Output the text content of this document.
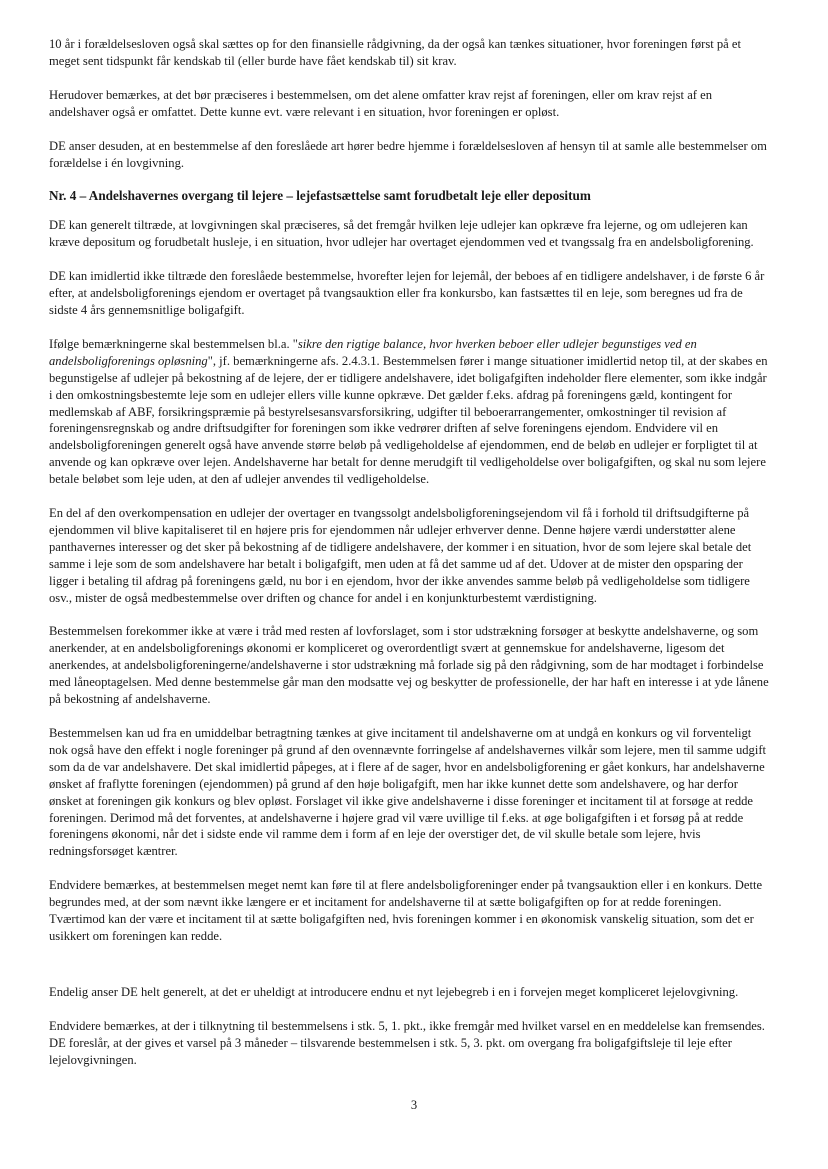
10 år i forældelsesloven også skal sættes op for den finansielle rådgivning, da der også kan tænkes situationer, hvor foreningen først på et meget sent tidspunkt får kendskab til (eller burde have fået kendskab til) sit krav.

Herudover bemærkes, at det bør præciseres i bestemmelsen, om det alene omfatter krav rejst af foreningen, eller om krav rejst af en andelshaver også er omfattet. Dette kunne evt. være relevant i en situation, hvor foreningen er opløst.

DE anser desuden, at en bestemmelse af den foreslåede art hører bedre hjemme i forældelsesloven af hensyn til at samle alle bestemmelser om forældelse i én lovgivning.

Nr. 4 – Andelshavernes overgang til lejere – lejefastsættelse samt forudbetalt leje eller depositum

DE kan generelt tiltræde, at lovgivningen skal præciseres, så det fremgår hvilken leje udlejer kan opkræve fra lejerne, og om udlejeren kan kræve depositum og forudbetalt husleje, i en situation, hvor udlejer har overtaget ejendommen ved et tvangssalg fra en andelsboligforening.

DE kan imidlertid ikke tiltræde den foreslåede bestemmelse, hvorefter lejen for lejemål, der beboes af en tidligere andelshaver, i de første 6 år efter, at andelsboligforenings ejendom er overtaget på tvangsauktion eller fra konkursbo, kan fastsættes til en leje, som beregnes ud fra de sidste 4 års gennemsnitlige boligafgift.

Ifølge bemærkningerne skal bestemmelsen bl.a. "sikre den rigtige balance, hvor hverken beboer eller udlejer begunstiges ved en andelsboligforenings opløsning", jf. bemærkningerne afs. 2.4.3.1. Bestemmelsen fører i mange situationer imidlertid netop til, at der skabes en begunstigelse af udlejer på bekostning af de lejere, der er tidligere andelshavere, idet boligafgiften indeholder flere elementer, som ikke indgår i den omkostningsbestemte leje som en udlejer ellers ville kunne opkræve. Det gælder f.eks. afdrag på foreningens gæld, kontingent for medlemskab af ABF, forsikringspræmie på bestyrelsesansvarsforsikring, udgifter til beboerarrangementer, omkostninger til revision af foreningensregnskab og andre driftsudgifter for foreningen som ikke vedrører driften af selve foreningens ejendom. Endvidere vil en andelsboligforeningen generelt også have anvende større beløb på vedligeholdelse af ejendommen, end de beløb en udlejer er forpligtet til at anvende og kan opkræve over lejen. Andelshaverne har betalt for denne merudgift til vedligeholdelse over boligafgiften, og skal nu som lejere betale beløbet som leje uden, at den af udlejer anvendes til vedligeholdelse.

En del af den overkompensation en udlejer der overtager en tvangssolgt andelsboligforeningsejendom vil få i forhold til driftsudgifterne på ejendommen vil blive kapitaliseret til en højere pris for ejendommen når udlejer erhverver denne. Denne højere værdi understøtter alene panthavernes interesser og det sker på bekostning af de tidligere andelshavere, der kommer i en situation, hvor de som lejere skal betale det samme i leje som de som andelshavere har betalt i boligafgift, men uden at få det samme ud af det. Udover at de mister den opsparing der ligger i betaling til afdrag på foreningens gæld, nu bor i en ejendom, hvor der ikke anvendes samme beløb på vedligeholdelse som tidligere osv., mister de også medbestemmelse over driften og chance for andel i en konjunkturbestemt værdistigning.

Bestemmelsen forekommer ikke at være i tråd med resten af lovforslaget, som i stor udstrækning forsøger at beskytte andelshaverne, og som anerkender, at en andelsboligforenings økonomi er kompliceret og overordentligt svært at gennemskue for andelshaverne, ligesom det anerkendes, at andelsboligforeningerne/andelshaverne i stor udstrækning må forlade sig på den rådgivning, som de har modtaget i forbindelse med låneoptagelsen. Med denne bestemmelse går man den modsatte vej og beskytter de professionelle, der har haft en interesse i at yde lånene på bekostning af andelshaverne.

Bestemmelsen kan ud fra en umiddelbar betragtning tænkes at give incitament til andelshaverne om at undgå en konkurs og vil forventeligt nok også have den effekt i nogle foreninger på grund af den ovennævnte forringelse af andelshavernes vilkår som lejere, men til samme udgift som da de var andelshavere. Det skal imidlertid påpeges, at i flere af de sager, hvor en andelsboligforening er gået konkurs, har andelshaverne ønsket af fraflytte foreningen (ejendommen) på grund af den høje boligafgift, men har ikke kunnet dette som andelshavere, og har derfor ønsket at foreningen gik konkurs og blev opløst. Forslaget vil ikke give andelshaverne i disse foreninger et incitament til at forsøge at redde foreningen. Derimod må det forventes, at andelshaverne i højere grad vil være uvillige til f.eks. at øge boligafgiften i et forsøg på at redde foreningens økonomi, når det i sidste ende vil ramme dem i form af en leje der overstiger det, de vil skulle betale som lejere, hvis redningsforsøget kæntrer.

Endvidere bemærkes, at bestemmelsen meget nemt kan føre til at flere andelsboligforeninger ender på tvangsauktion eller i en konkurs. Dette begrundes med, at der som nævnt ikke længere er et incitament for andelshaverne til at sætte boligafgiften op for at redde foreningen. Tværtimod kan der være et incitament til at sætte boligafgiften ned, hvis foreningen kommer i en økonomisk vanskelig situation, som det er usikkert om foreningen kan redde.

Endelig anser DE helt generelt, at det er uheldigt at introducere endnu et nyt lejebegreb i en i forvejen meget kompliceret lejelovgivning.

Endvidere bemærkes, at der i tilknytning til bestemmelsens i stk. 5, 1. pkt., ikke fremgår med hvilket varsel en en meddelelse kan fremsendes. DE foreslår, at der gives et varsel på 3 måneder – tilsvarende bestemmelsen i stk. 5, 3. pkt. om overgang fra boligafgiftsleje til leje efter lejelovgivningen.

3
